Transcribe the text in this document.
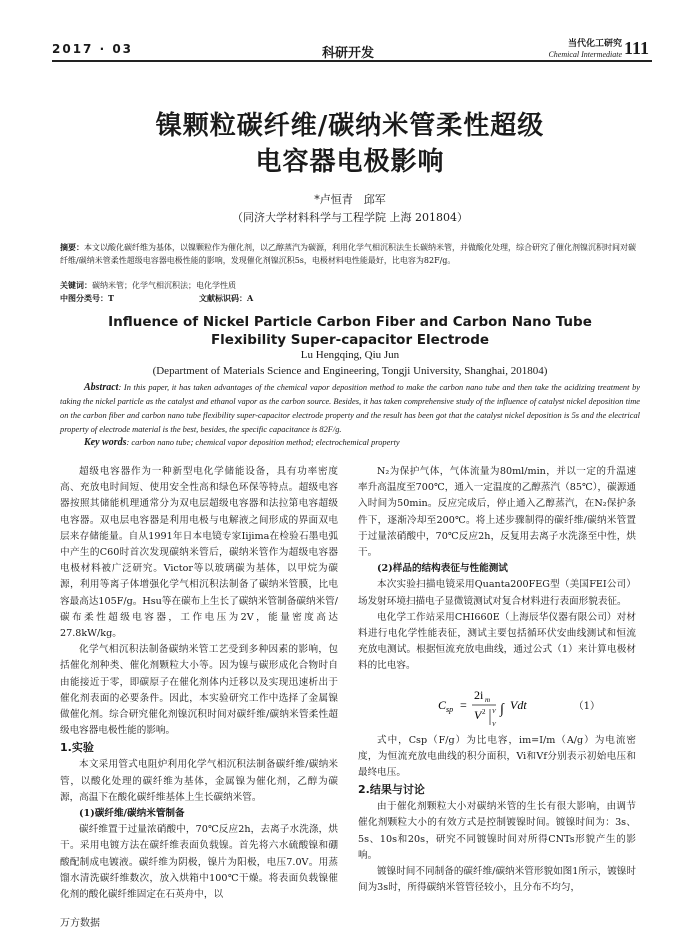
2017 · 03	科研开发
当代化工研究
Chemical Intermediate 111
镍颗粒碳纤维/碳纳米管柔性超级
电容器电极影响
*卢恒青　邱军
（同济大学材料科学与工程学院 上海 201804）
摘要：本文以酸化碳纤维为基体，以镍颗粒作为催化剂，以乙醇蒸汽为碳源，利用化学气相沉积法生长碳纳米管，并做酸化处理，综合研究了催化剂镍沉积时间对碳纤维/碳纳米管柔性超级电容器电极性能的影响，发现催化剂镍沉积5s，电极材料电性能最好，比电容为82F/g。
关键词：碳纳米管；化学气相沉积法；电化学性质
中图分类号：T	文献标识码：A
Influence of Nickel Particle Carbon Fiber and Carbon Nano Tube
Flexibility Super-capacitor Electrode
Lu Hengqing, Qiu Jun
(Department of Materials Science and Engineering, Tongji University, Shanghai, 201804)
Abstract: In this paper, it has taken advantages of the chemical vapor deposition method to make the carbon nano tube and then take the acidizing treatment by taking the nickel particle as the catalyst and ethanol vapor as the carbon source. Besides, it has taken comprehensive study of the influence of catalyst nickel deposition time on the carbon fiber and carbon nano tube flexibility super-capacitor electrode property and the result has been got that the catalyst nickel deposition is 5s and the electrical property of electrode material is the best, besides, the specific capacitance is 82F/g.
Key words: carbon nano tube; chemical vapor deposition method; electrochemical property

超级电容器作为一种新型电化学储能设备，具有功率密度高、充放电时间短、使用安全性高和绿色环保等特点。超级电容器按照其储能机理通常分为双电层超级电容器和法拉第电容超级电容器。双电层电容器是利用电极与电解液之间形成的界面双电层来存储能量。自从1991年日本电镜专家Iijima在检验石墨电弧中产生的C60时首次发现碳纳米管后，碳纳米管作为超级电容器电极材料被广泛研究。Victor等以玻璃碳为基体，以甲烷为碳源，利用等离子体增强化学气相沉积法制备了碳纳米管膜，比电容最高达105F/g。Hsu等在碳布上生长了碳纳米管制备碳纳米管/碳布柔性超级电容器，工作电压为2V，能量密度高达27.8kW/kg。

化学气相沉积法制备碳纳米管工艺受到多种因素的影响，包括催化剂种类、催化剂颗粒大小等。因为镍与碳形成化合物时自由能接近于零，即碳原子在催化剂体内迁移以及实现迅速析出于催化剂表面的必要条件。因此，本实验研究工作中选择了金属镍做催化剂。综合研究催化剂镍沉积时间对碳纤维/碳纳米管柔性超级电容器电极性能的影响。

1.实验

本文采用管式电阻炉利用化学气相沉积法制备碳纤维/碳纳米管，以酸化处理的碳纤维为基体，金属镍为催化剂，乙醇为碳源，高温下在酸化碳纤维基体上生长碳纳米管。

(1)碳纤维/碳纳米管制备

碳纤维置于过量浓硝酸中，70℃反应2h，去离子水洗涤，烘干。采用电镀方法在碳纤维表面负载镍。首先将六水硫酸镍和硼酸配制成电镀液。碳纤维为阴极，镍片为阳极，电压7.0V。用蒸馏水清洗碳纤维数次，放入烘箱中100℃干燥。将表面负载镍催化剂的酸化碳纤维固定在石英舟中，以

N₂为保护气体，气体流量为80ml/min，并以一定的升温速率升高温度至700℃，通入一定温度的乙醇蒸汽（85℃），碳源通入时间为50min。反应完成后，停止通入乙醇蒸汽，在N₂保护条件下，逐渐冷却至200℃。将上述步骤制得的碳纤维/碳纳米管置于过量浓硝酸中，70℃反应2h，反复用去离子水洗涤至中性，烘干。

(2)样品的结构表征与性能测试

本次实验扫描电镜采用Quanta200FEG型（美国FEI公司）场发射环境扫描电子显微镜测试对复合材料进行表面形貌表征。

电化学工作站采用CHI660E（上海辰华仪器有限公司）对材料进行电化学性能表征，测试主要包括循环伏安曲线测试和恒流充放电测试。根据恒流充放电曲线，通过公式（1）来计算电极材料的比电容。

C sp =
2i m
V 2 V
V
∫ Vdt	（1）

式中，Csp（F/g）为比电容，im=I/m（A/g）为电流密度，为恒流充放电曲线的积分面积，Vi和Vf分别表示初始电压和最终电压。

2.结果与讨论

由于催化剂颗粒大小对碳纳米管的生长有很大影响，由调节催化剂颗粒大小的有效方式是控制镀镍时间。镀镍时间为：3s、5s、10s和20s，研究不同镀镍时间对所得CNTs形貌产生的影响。

镀镍时间不同制备的碳纤维/碳纳米管形貌如图1所示，镀镍时间为3s时，所得碳纳米管管径较小，且分布不均匀，

万方数据
